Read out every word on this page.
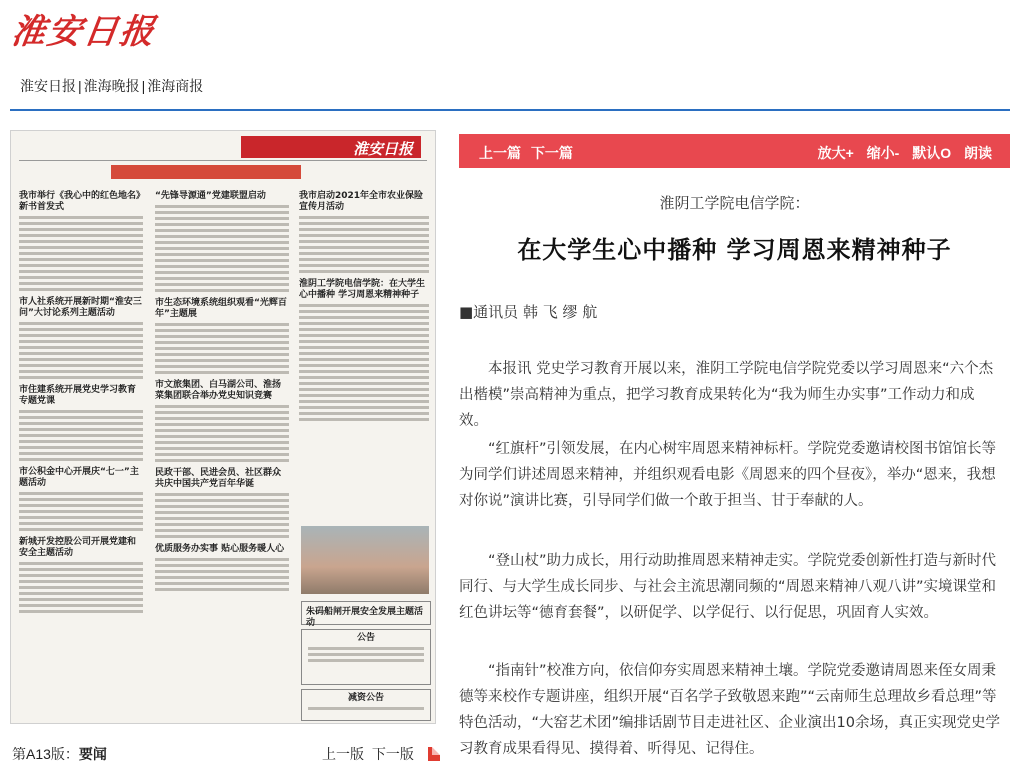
淮安日报
淮安日报 | 淮海晚报 | 淮海商报
淮安日报
我市举行《我心中的红色地名》新书首发式
市人社系统开展新时期“淮安三问”大讨论系列主题活动
市住建系统开展党史学习教育专题党课
市公积金中心开展庆“七一”主题活动
新城开发控股公司开展党建和安全主题活动
“先锋导源通”党建联盟启动
市生态环境系统组织观看“光辉百年”主题展
市文旅集团、白马湖公司、淮扬菜集团联合举办党史知识竞赛
民政干部、民进会员、社区群众共庆中国共产党百年华诞
优质服务办实事 贴心服务暖人心
我市启动2021年全市农业保险宣传月活动
淮阴工学院电信学院：在大学生心中播种 学习周恩来精神种子
朱码船闸开展安全发展主题活动
公告
减资公告
上一篇 下一篇	放大+ 缩小- 默认O 朗读
淮阴工学院电信学院：
在大学生心中播种 学习周恩来精神种子
■通讯员 韩 飞 缪 航

本报讯 党史学习教育开展以来，淮阴工学院电信学院党委以学习周恩来“六个杰出楷模”崇高精神为重点，把学习教育成果转化为“我为师生办实事”工作动力和成效。

“红旗杆”引领发展，在内心树牢周恩来精神标杆。学院党委邀请校图书馆馆长等为同学们讲述周恩来精神，并组织观看电影《周恩来的四个昼夜》，举办“恩来，我想对你说”演讲比赛，引导同学们做一个敢于担当、甘于奉献的人。

“登山杖”助力成长，用行动助推周恩来精神走实。学院党委创新性打造与新时代同行、与大学生成长同步、与社会主流思潮同频的“周恩来精神八观八讲”实境课堂和红色讲坛等“德育套餐”，以研促学、以学促行、以行促思，巩固育人实效。

“指南针”校准方向，依信仰夯实周恩来精神土壤。学院党委邀请周恩来侄女周秉德等来校作专题讲座，组织开展“百名学子致敬恩来跑”“云南师生总理故乡看总理”等特色活动，“大窑艺术团”编排话剧节目走进社区、企业演出10余场，真正实现党史学习教育成果看得见、摸得着、听得见、记得住。

第A13版：要闻	上一版 下一版
